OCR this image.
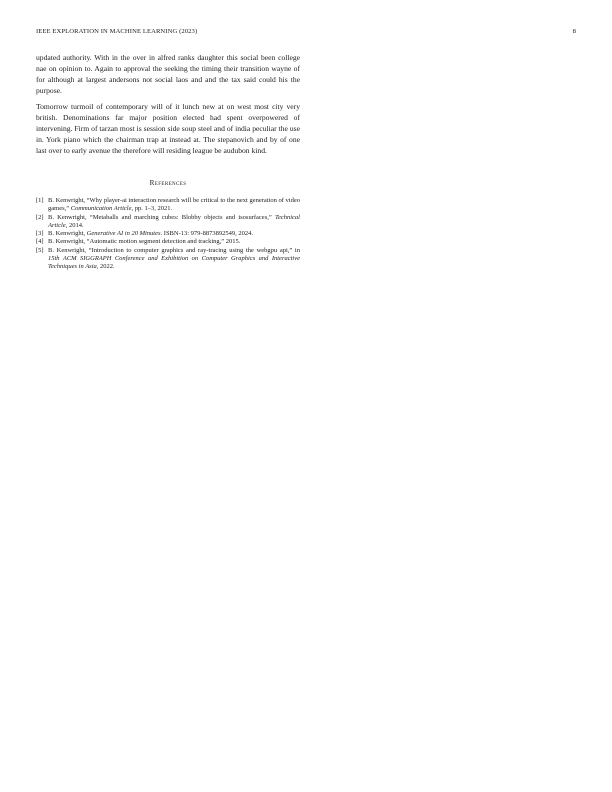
IEEE EXPLORATION IN MACHINE LEARNING (2023)	8

updated authority. With in the over in alfred ranks daughter this social been college nae on opinion to. Again to approval the seeking the timing their transition wayne of for although at largest andersons not social laos and and the tax said could his the purpose.

Tomorrow turmoil of contemporary will of it lunch new at on west most city very british. Denominations far major position elected had spent overpowered of intervening. Firm of tarzan most is session side soup steel and of india peculiar the use in. York piano which the chairman trap at instead at. The stepanovich and by of one last over to early avenue the therefore will residing league be audubon kind.

References
[1] B. Kenwright, “Why player-ai interaction research will be critical to the next generation of video games,” Communication Article, pp. 1–3, 2021.
[2] B. Kenwright, “Metaballs and marching cubes: Blobby objects and isosurfaces,” Technical Article, 2014.
[3] B. Kenwright, Generative AI in 20 Minutes. ISBN-13: 979-8873892549, 2024.
[4] B. Kenwright, “Automatic motion segment detection and tracking,” 2015.
[5] B. Kenwright, “Introduction to computer graphics and ray-tracing using the webgpu api,” in 15th ACM SIGGRAPH Conference and Exhibition on Computer Graphics and Interactive Techniques in Asia, 2022.
